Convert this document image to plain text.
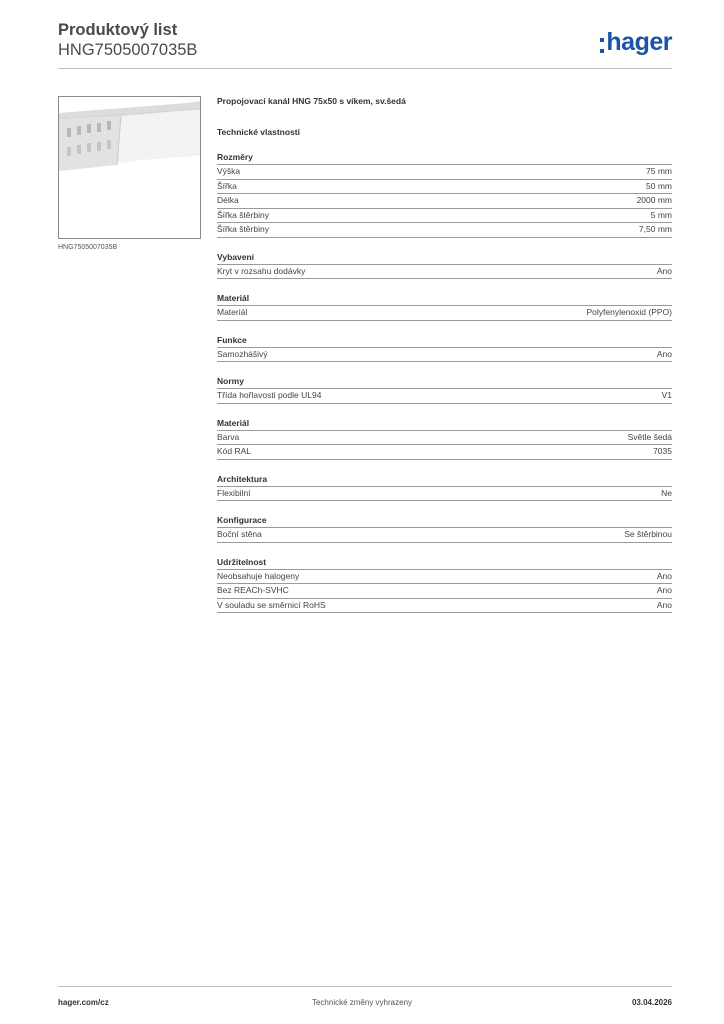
Produktový list
HNG7505007035B	hager
HNG7505007035B
Propojovací kanál HNG 75x50 s víkem, sv.šedá
Technické vlastnosti
Rozměry
Výška	75 mm
Šířka	50 mm
Délka	2000 mm
Šířka štěrbiny	5 mm
Šířka štěrbiny	7,50 mm
Vybavení
Kryt v rozsahu dodávky	Ano
Materiál
Materiál	Polyfenylenoxid (PPO)
Funkce
Samozhášivý	Ano
Normy
Třída hořlavosti podle UL94	V1
Materiál
Barva	Světle šedá
Kód RAL	7035
Architektura
Flexibilní	Ne
Konfigurace
Boční stěna	Se štěrbinou
Udržitelnost
Neobsahuje halogeny	Ano
Bez REACh-SVHC	Ano
V souladu se směrnicí RoHS	Ano
hager.com/cz	Technické změny vyhrazeny	03.04.2026
